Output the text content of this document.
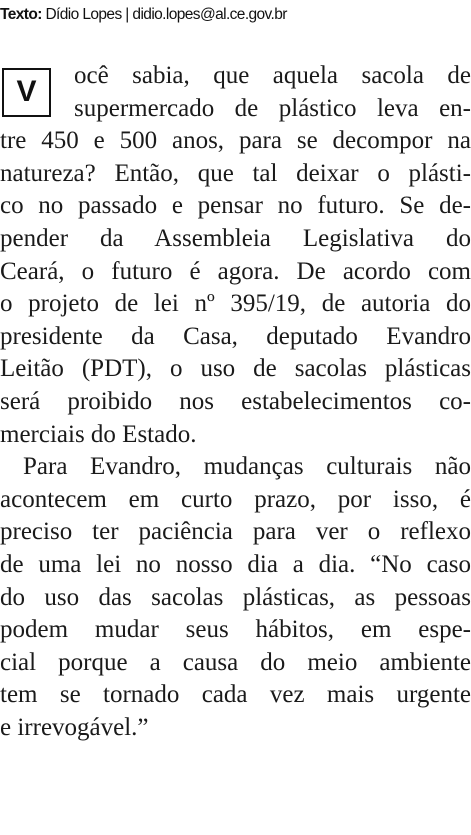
Texto: Dídio Lopes | didio.lopes@al.ce.gov.br
V	ocê sabia, que aquela sacola de
supermercado de plástico leva en-
tre 450 e 500 anos, para se decompor na
natureza? Então, que tal deixar o plásti-
co no passado e pensar no futuro. Se de-
pender da Assembleia Legislativa do
Ceará, o futuro é agora. De acordo com
o projeto de lei nº 395/19, de autoria do
presidente da Casa, deputado Evandro
Leitão (PDT), o uso de sacolas plásticas
será proibido nos estabelecimentos co-
merciais do Estado.
Para Evandro, mudanças culturais não
acontecem em curto prazo, por isso, é
preciso ter paciência para ver o reflexo
de uma lei no nosso dia a dia. “No caso
do uso das sacolas plásticas, as pessoas
podem mudar seus hábitos, em espe-
cial porque a causa do meio ambiente
tem se tornado cada vez mais urgente
e irrevogável.”
